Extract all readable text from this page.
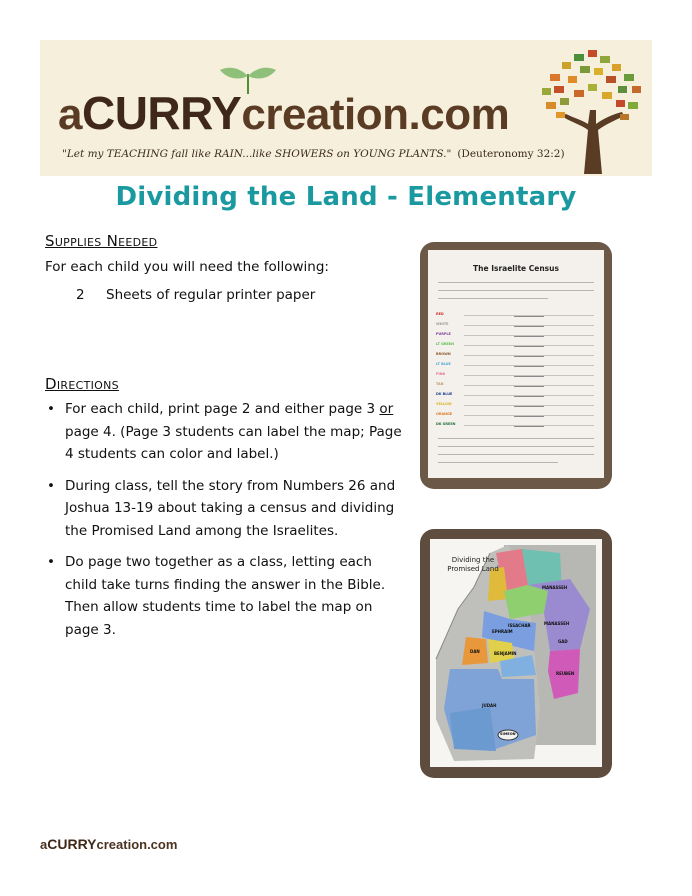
aCURRYcreation.com
"Let my TEACHING fall like RAIN...like SHOWERS on YOUNG PLANTS." (Deuteronomy 32:2)
Dividing the Land - Elementary
Supplies Needed
For each child you will need the following:
2 Sheets of regular printer paper
Directions
• For each child, print page 2 and either page 3 or page 4. (Page 3 students can label the map; Page 4 students can color and label.)
• During class, tell the story from Numbers 26 and Joshua 13-19 about taking a census and dividing the Promised Land among the Israelites.
• Do page two together as a class, letting each child take turns finding the answer in the Bible. Then allow students time to label the map on page 3.
The Israelite Census
RED
WHITE
PURPLE
LT GREEN
BROWN
LT BLUE
PINK
TAN
DK BLUE
YELLOW
ORANGE
DK GREEN
Dividing the Promised Land
MANASSEH
ISSACHAR	MANASSEH
GAD
EPHRAIM
DAN	BENJAMIN
REUBEN
JUDAH
SIMEON
aCURRYcreation.com
